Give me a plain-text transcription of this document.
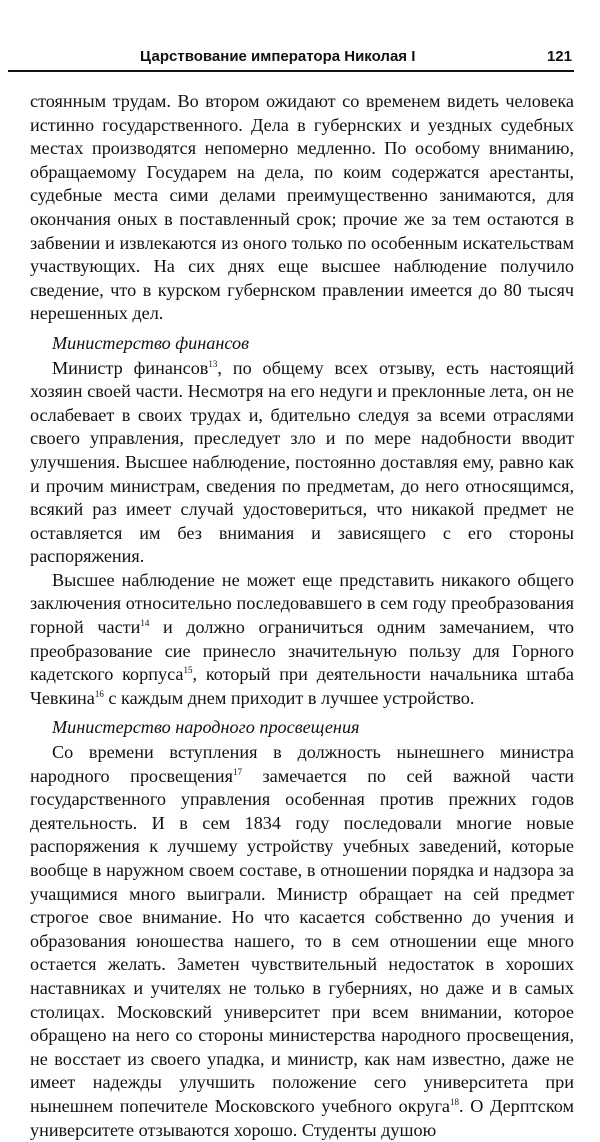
Царствование императора Николая I	121

стоянным трудам. Во втором ожидают со временем видеть человека истинно государственного. Дела в губернских и уездных судебных местах производятся непомерно медленно. По особому вниманию, обращаемому Государем на дела, по коим содержатся арестанты, судебные места сими делами преимущественно занимаются, для окончания оных в поставленный срок; прочие же за тем остаются в забвении и извлекаются из оного только по особенным искательствам участвующих. На сих днях еще высшее наблюдение получило сведение, что в курском губернском правлении имеется до 80 тысяч нерешенных дел.

Министерство финансов

Министр финансов$^{13}$, по общему всех отзыву, есть настоящий хозяин своей части. Несмотря на его недуги и преклонные лета, он не ослабевает в своих трудах и, бдительно следуя за всеми отраслями своего управления, преследует зло и по мере надобности вводит улучшения. Высшее наблюдение, постоянно доставляя ему, равно как и прочим министрам, сведения по предметам, до него относящимся, всякий раз имеет случай удостовериться, что никакой предмет не оставляется им без внимания и зависящего с его стороны распоряжения.

Высшее наблюдение не может еще представить никакого общего заключения относительно последовавшего в сем году преобразования горной части$^{14}$ и должно ограничиться одним замечанием, что преобразование сие принесло значительную пользу для Горного кадетского корпуса$^{15}$, который при деятельности начальника штаба Чевкина$^{16}$ с каждым днем приходит в лучшее устройство.

Министерство народного просвещения

Со времени вступления в должность нынешнего министра народного просвещения$^{17}$ замечается по сей важной части государственного управления особенная против прежних годов деятельность. И в сем 1834 году последовали многие новые распоряжения к лучшему устройству учебных заведений, которые вообще в наружном своем составе, в отношении порядка и надзора за учащимися много выиграли. Министр обращает на сей предмет строгое свое внимание. Но что касается собственно до учения и образования юношества нашего, то в сем отношении еще много остается желать. Заметен чувствительный недостаток в хороших наставниках и учителях не только в губерниях, но даже и в самых столицах. Московский университет при всем внимании, которое обращено на него со стороны министерства народного просвещения, не восстает из своего упадка, и министр, как нам известно, даже не имеет надежды улучшить положение сего университета при нынешнем попечителе Московского учебного округа$^{18}$. О Дерптском университете отзываются хорошо. Студенты душою
